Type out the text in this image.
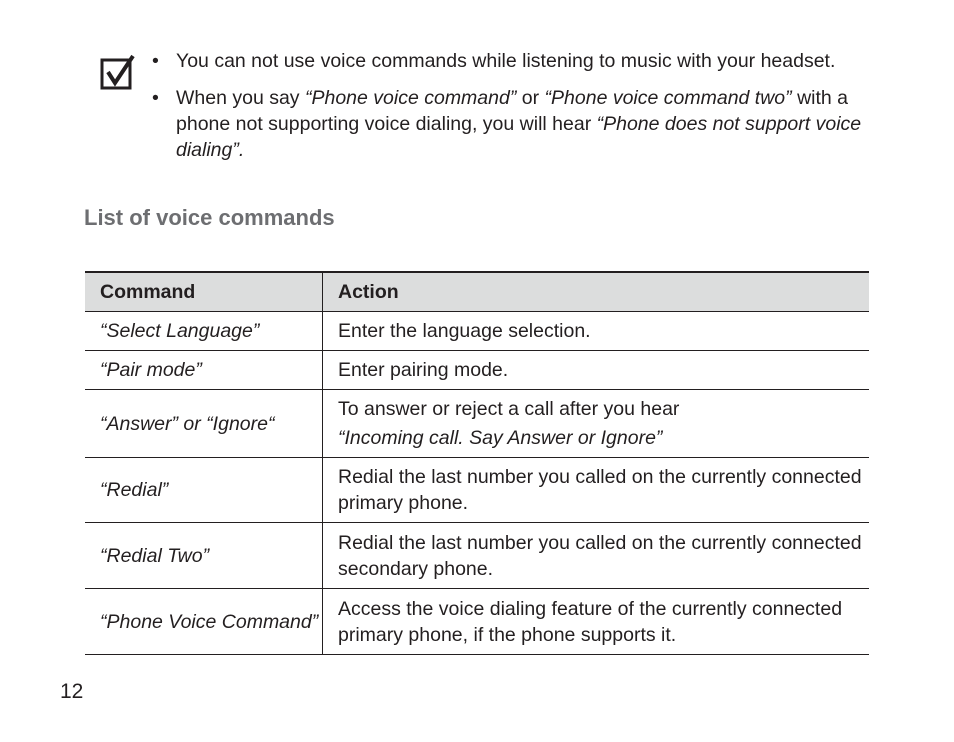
• You can not use voice commands while listening to music with your headset.
• When you say “Phone voice command” or “Phone voice command two” with a phone not supporting voice dialing, you will hear “Phone does not support voice dialing”.
List of voice commands
Command	Action
“Select Language”	Enter the language selection.
“Pair mode”	Enter pairing mode.
“Answer” or “Ignore“	To answer or reject a call after you hear
“Incoming call. Say Answer or Ignore”

“Redial”	Redial the last number you called on the currently connected primary phone.
“Redial Two”	Redial the last number you called on the currently connected secondary phone.
“Phone Voice Command”	Access the voice dialing feature of the currently connected primary phone, if the phone supports it.
12
